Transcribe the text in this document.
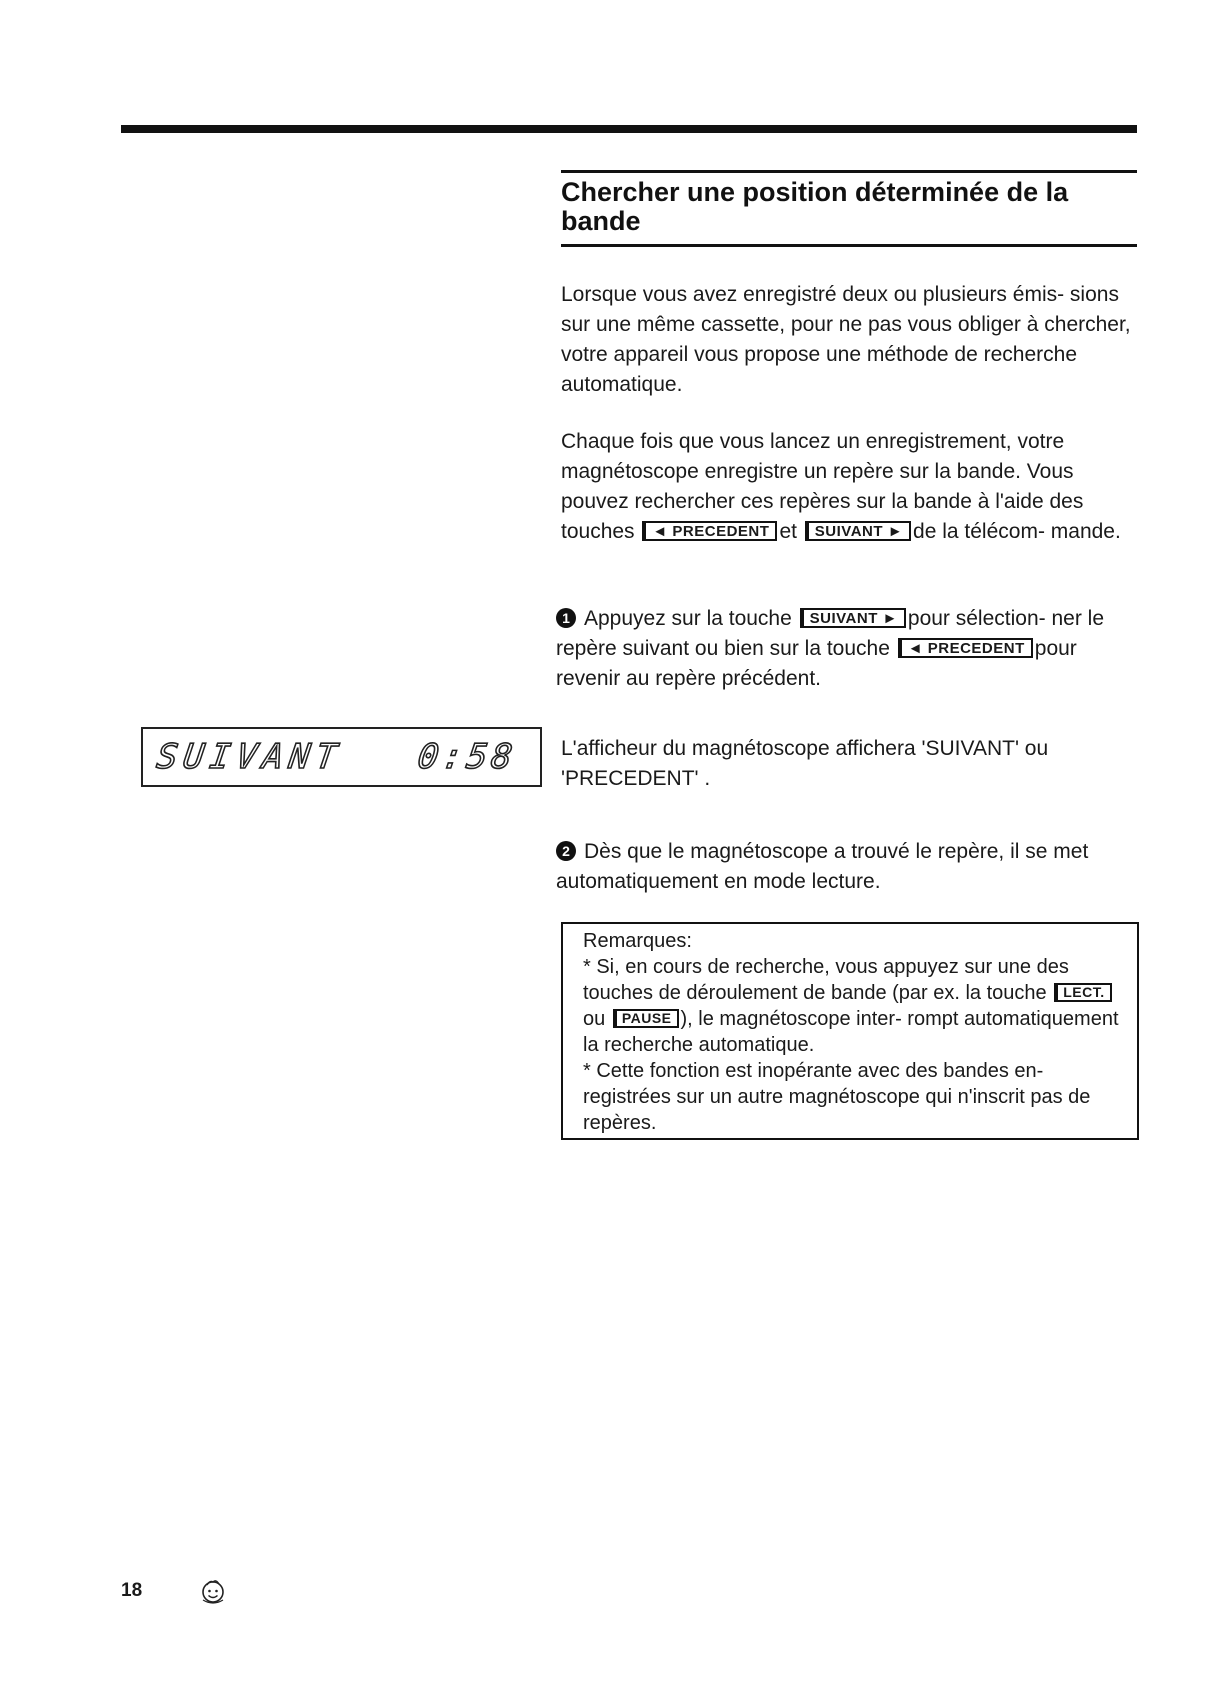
Chercher une position déterminée de la bande

Lorsque vous avez enregistré deux ou plusieurs émis- sions sur une même cassette, pour ne pas vous obliger à chercher, votre appareil vous propose une méthode de recherche automatique.

Chaque fois que vous lancez un enregistrement, votre magnétoscope enregistre un repère sur la bande. Vous pouvez rechercher ces repères sur la bande à l'aide des touches ◄ PRECEDENT et SUIVANT ► de la télécom- mande.

1 Appuyez sur la touche SUIVANT ► pour sélection- ner le repère suivant ou bien sur la touche ◄ PRECEDENT pour revenir au repère précédent.

SUIVANT 0:58 L'afficheur du magnétoscope affichera 'SUIVANT' ou 'PRECEDENT' .

2 Dès que le magnétoscope a trouvé le repère, il se met automatiquement en mode lecture.

Remarques:

* Si, en cours de recherche, vous appuyez sur une des touches de déroulement de bande (par ex. la touche LECT.ou PAUSE ), le magnétoscope inter- rompt automatiquement la recherche automatique.

* Cette fonction est inopérante avec des bandes en- registrées sur un autre magnétoscope qui n'inscrit pas de repères.

18
